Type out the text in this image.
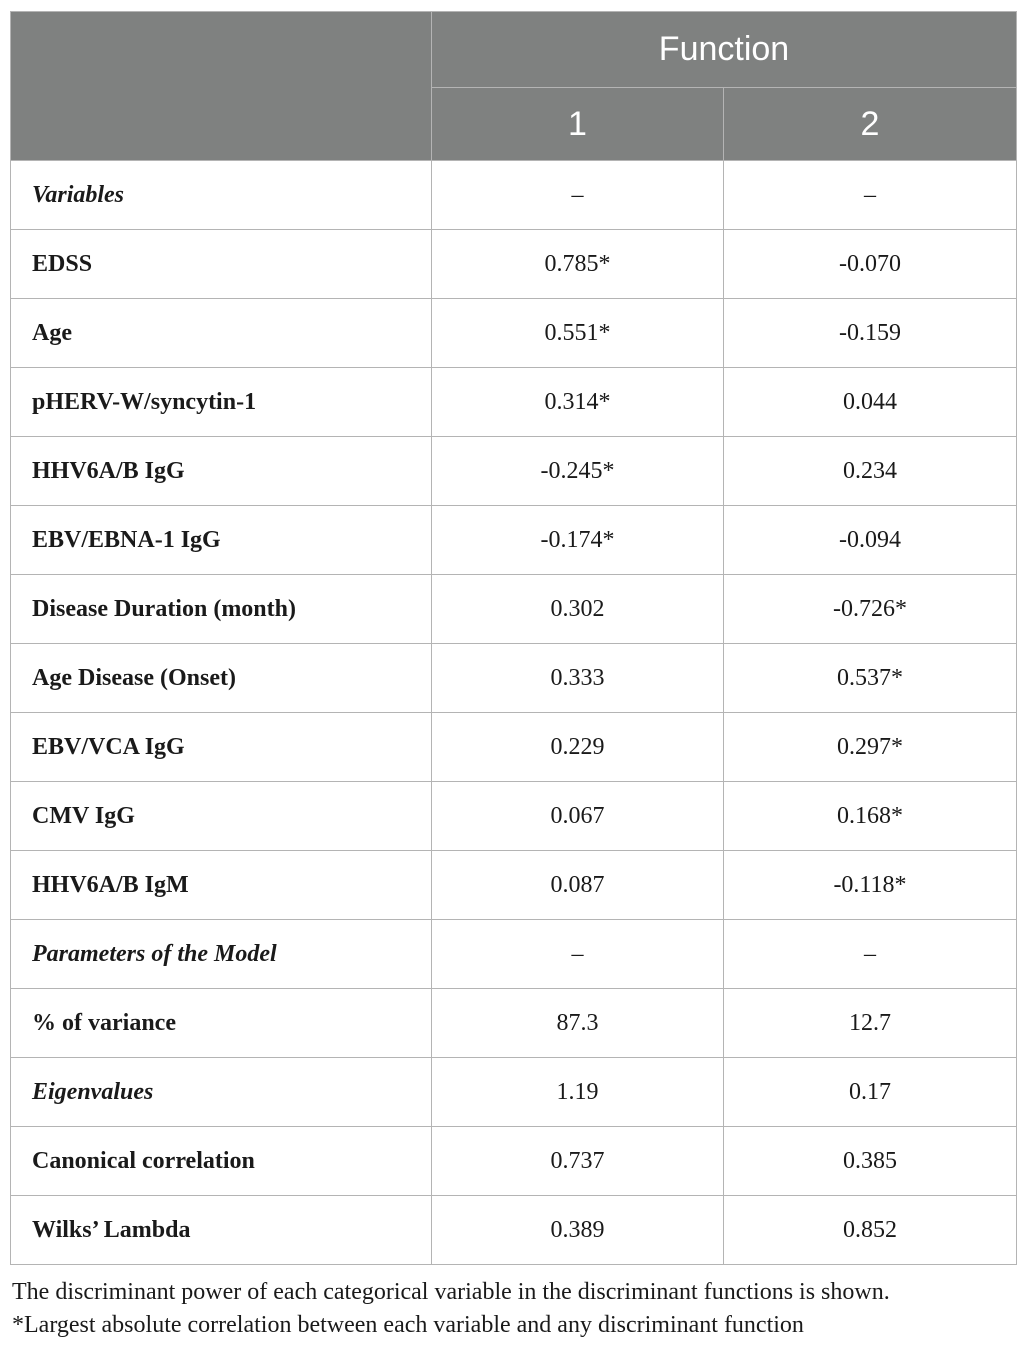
	Function	
	1	2
Variables	–	–
EDSS	0.785*	-0.070
Age	0.551*	-0.159
pHERV-W/syncytin-1	0.314*	0.044
HHV6A/B IgG	-0.245*	0.234
EBV/EBNA-1 IgG	-0.174*	-0.094
Disease Duration (month)	0.302	-0.726*
Age Disease (Onset)	0.333	0.537*
EBV/VCA IgG	0.229	0.297*
CMV IgG	0.067	0.168*
HHV6A/B IgM	0.087	-0.118*
Parameters of the Model	–	–
% of variance	87.3	12.7
Eigenvalues	1.19	0.17
Canonical correlation	0.737	0.385
Wilks’ Lambda	0.389	0.852
The discriminant power of each categorical variable in the discriminant functions is shown.
*Largest absolute correlation between each variable and any discriminant function
